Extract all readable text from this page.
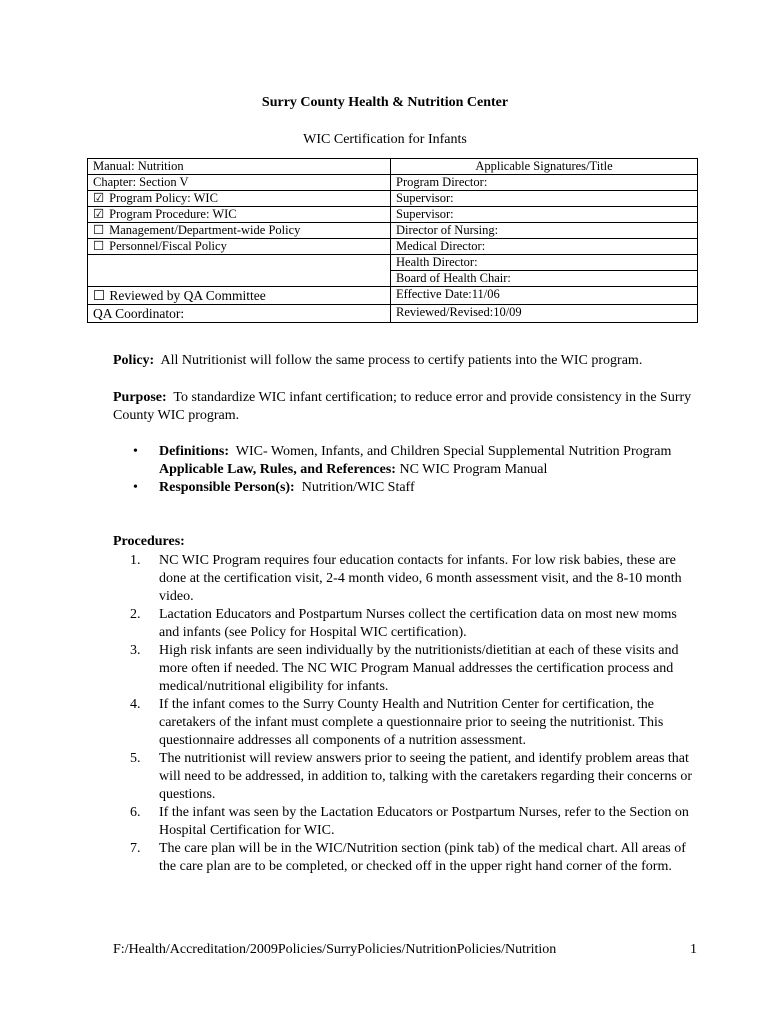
Surry County Health & Nutrition Center
WIC Certification for Infants
Manual: Nutrition	Applicable Signatures/Title
Chapter: Section V	Program Director:
☑ Program Policy: WIC	Supervisor:
☑ Program Procedure: WIC	Supervisor:
☐ Management/Department-wide Policy	Director of Nursing:
☐ Personnel/Fiscal Policy	Medical Director:
	Health Director:
	Board of Health Chair:
☐ Reviewed by QA Committee	Effective Date:11/06
QA Coordinator:	Reviewed/Revised:10/09
Policy: All Nutritionist will follow the same process to certify patients into the WIC program.
Purpose: To standardize WIC infant certification; to reduce error and provide consistency in the Surry County WIC program.
•	Definitions: WIC- Women, Infants, and Children Special Supplemental Nutrition Program
Applicable Law, Rules, and References: NC WIC Program Manual
•	Responsible Person(s): Nutrition/WIC Staff
Procedures:
1.	NC WIC Program requires four education contacts for infants. For low risk babies, these are done at the certification visit, 2-4 month video, 6 month assessment visit, and the 8-10 month video.
2.	Lactation Educators and Postpartum Nurses collect the certification data on most new moms and infants (see Policy for Hospital WIC certification).
3.	High risk infants are seen individually by the nutritionists/dietitian at each of these visits and more often if needed. The NC WIC Program Manual addresses the certification process and medical/nutritional eligibility for infants.
4.	If the infant comes to the Surry County Health and Nutrition Center for certification, the caretakers of the infant must complete a questionnaire prior to seeing the nutritionist. This questionnaire addresses all components of a nutrition assessment.
5.	The nutritionist will review answers prior to seeing the patient, and identify problem areas that will need to be addressed, in addition to, talking with the caretakers regarding their concerns or questions.
6.	If the infant was seen by the Lactation Educators or Postpartum Nurses, refer to the Section on Hospital Certification for WIC.
7.	The care plan will be in the WIC/Nutrition section (pink tab) of the medical chart. All areas of the care plan are to be completed, or checked off in the upper right hand corner of the form.
F:/Health/Accreditation/2009Policies/SurryPolicies/NutritionPolicies/Nutrition	1
